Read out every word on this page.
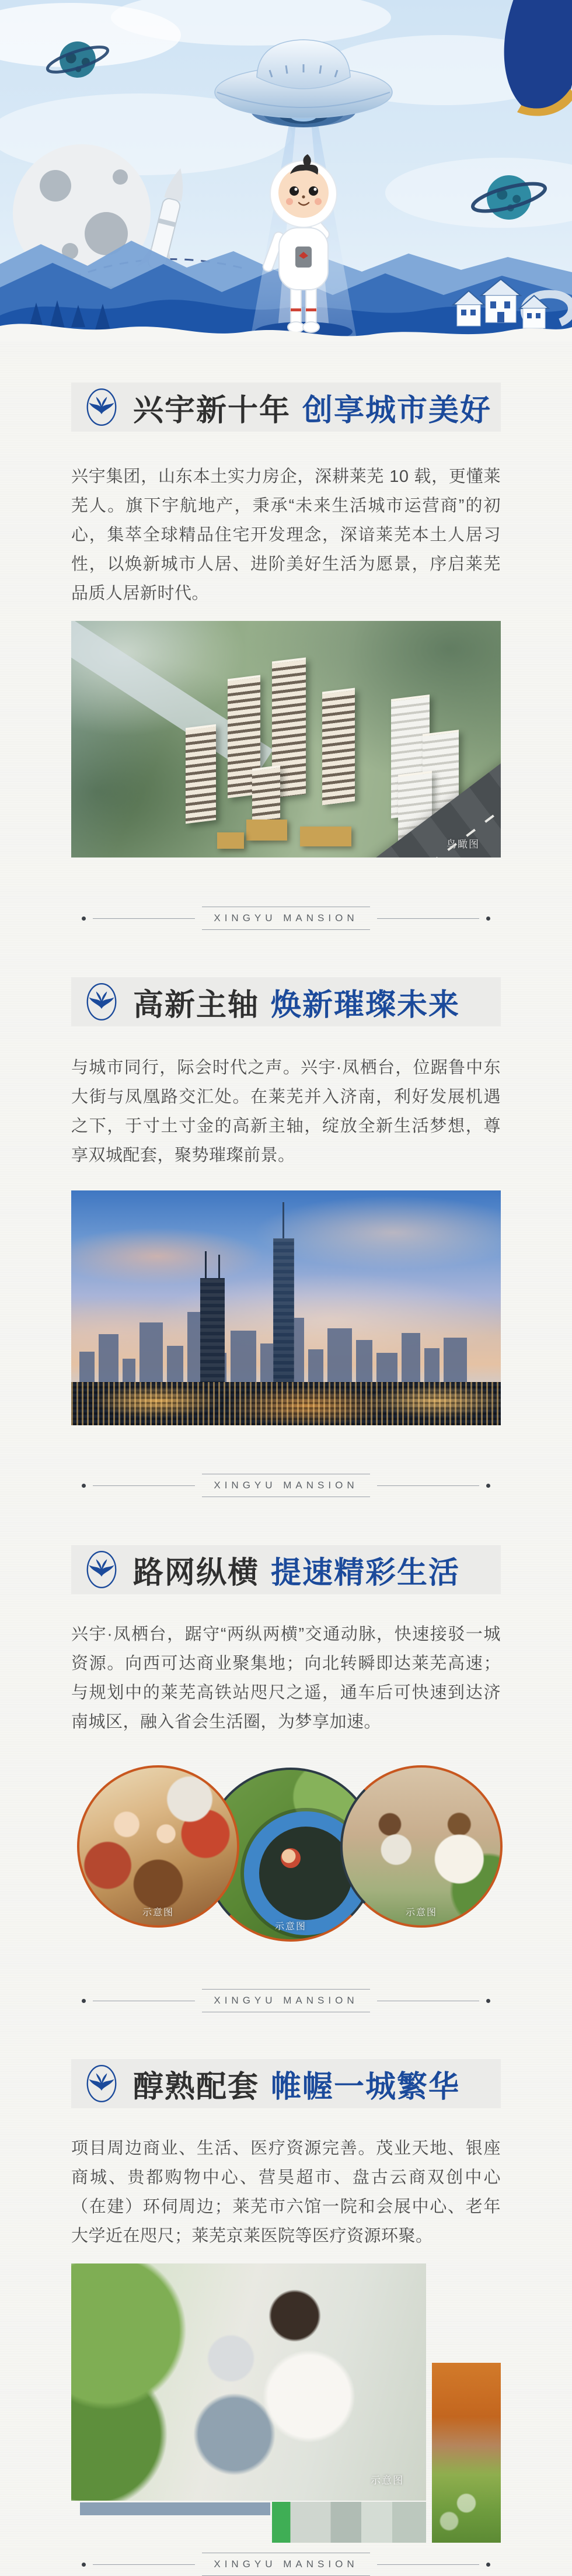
兴宇新十年 创享城市美好

兴宇集团，山东本土实力房企，深耕莱芜 10 载，更懂莱芜人。旗下宇航地产，秉承“未来生活城市运营商”的初心，集萃全球精品住宅开发理念，深谙莱芜本土人居习性，以焕新城市人居、进阶美好生活为愿景，序启莱芜品质人居新时代。

鸟瞰图
XINGYU MANSION
高新主轴 焕新璀璨未来

与城市同行，际会时代之声。兴宇·凤栖台，位踞鲁中东大街与凤凰路交汇处。在莱芜并入济南，利好发展机遇之下，于寸土寸金的高新主轴，绽放全新生活梦想，尊享双城配套，聚势璀璨前景。

XINGYU MANSION
路网纵横 提速精彩生活

兴宇·凤栖台，踞守“两纵两横”交通动脉，快速接驳一城资源。向西可达商业聚集地；向北转瞬即达莱芜高速；与规划中的莱芜高铁站咫尺之遥，通车后可快速到达济南城区，融入省会生活圈，为梦享加速。

示意图
示意图
示意图
XINGYU MANSION
醇熟配套 帷幄一城繁华

项目周边商业、生活、医疗资源完善。茂业天地、银座商城、贵都购物中心、营昊超市、盘古云商双创中心（在建）环伺周边；莱芜市六馆一院和会展中心、老年大学近在咫尺；莱芜京莱医院等医疗资源环聚。

示意图
XINGYU MANSION
